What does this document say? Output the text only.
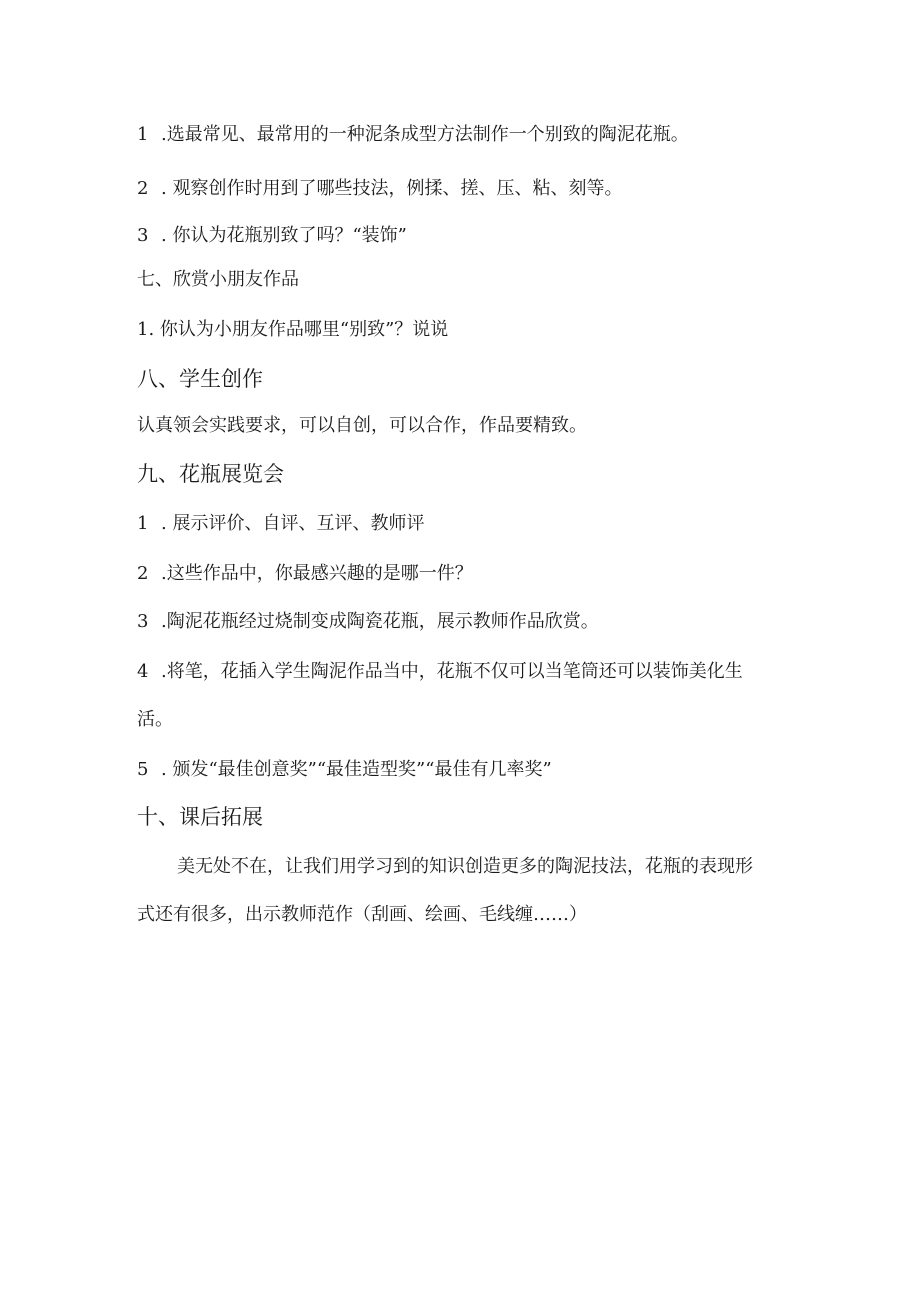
1 .选最常见、最常用的一种泥条成型方法制作一个别致的陶泥花瓶。
2 . 观察创作时用到了哪些技法，例揉、搓、压、粘、刻等。
3 . 你认为花瓶别致了吗？“装饰”
七、欣赏小朋友作品
1. 你认为小朋友作品哪里“别致”？说说
八、学生创作
认真领会实践要求，可以自创，可以合作，作品要精致。
九、花瓶展览会
1 . 展示评价、自评、互评、教师评
2 .这些作品中，你最感兴趣的是哪一件？
3 .陶泥花瓶经过烧制变成陶瓷花瓶，展示教师作品欣赏。
4 .将笔，花插入学生陶泥作品当中，花瓶不仅可以当笔筒还可以装饰美化生
活。
5 . 颁发“最佳创意奖”“最佳造型奖”“最佳有几率奖”
十、课后拓展
美无处不在，让我们用学习到的知识创造更多的陶泥技法，花瓶的表现形
式还有很多，出示教师范作（刮画、绘画、毛线缠……）
